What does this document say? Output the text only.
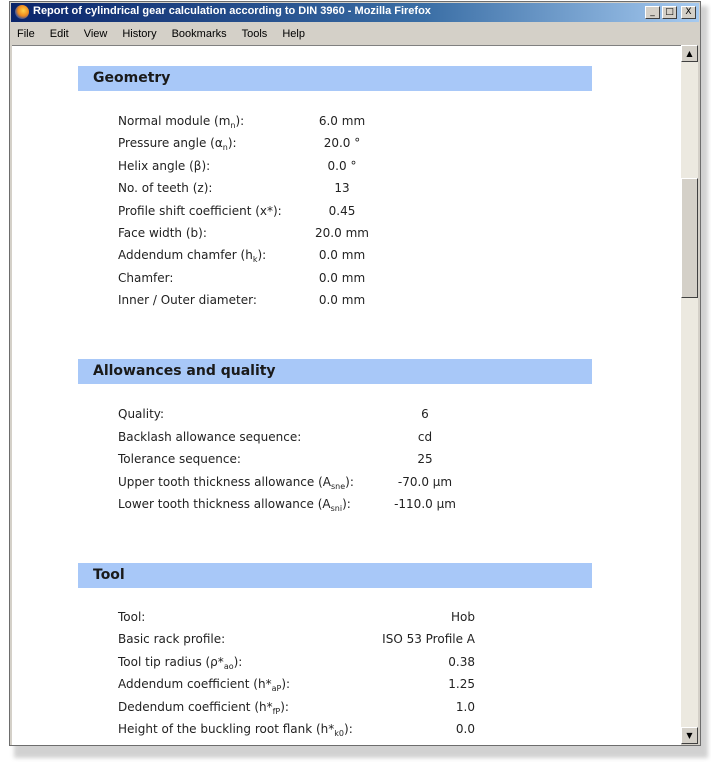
Report of cylindrical gear calculation according to DIN 3960 - Mozilla Firefox	_	□	X
File Edit View History Bookmarks Tools Help
Geometry
Normal module $(m_n)$:	6.0 mm
Pressure angle $(\alpha_n)$:	20.0 °
Helix angle (β):	0.0 °
No. of teeth (z):	13
Profile shift coefficient (x*):	0.45
Face width (b):	20.0 mm
Addendum chamfer $(h_k)$:	0.0 mm
Chamfer:	0.0 mm
Inner / Outer diameter:	0.0 mm
Allowances and quality
Quality:	6
Backlash allowance sequence:	cd
Tolerance sequence:	25
Upper tooth thickness allowance $(A_{sne})$:	-70.0 µm
Lower tooth thickness allowance $(A_{sni})$:	-110.0 µm
Tool
Tool:	Hob
Basic rack profile:	ISO 53 Profile A
Tool tip radius $(\rho*_{ao})$:	0.38
Addendum coefficient $(h*_{aP})$:	1.25
Dedendum coefficient $(h*_{fP})$:	1.0
Height of the buckling root flank $(h*_{k0})$:	0.0
▲
▼
